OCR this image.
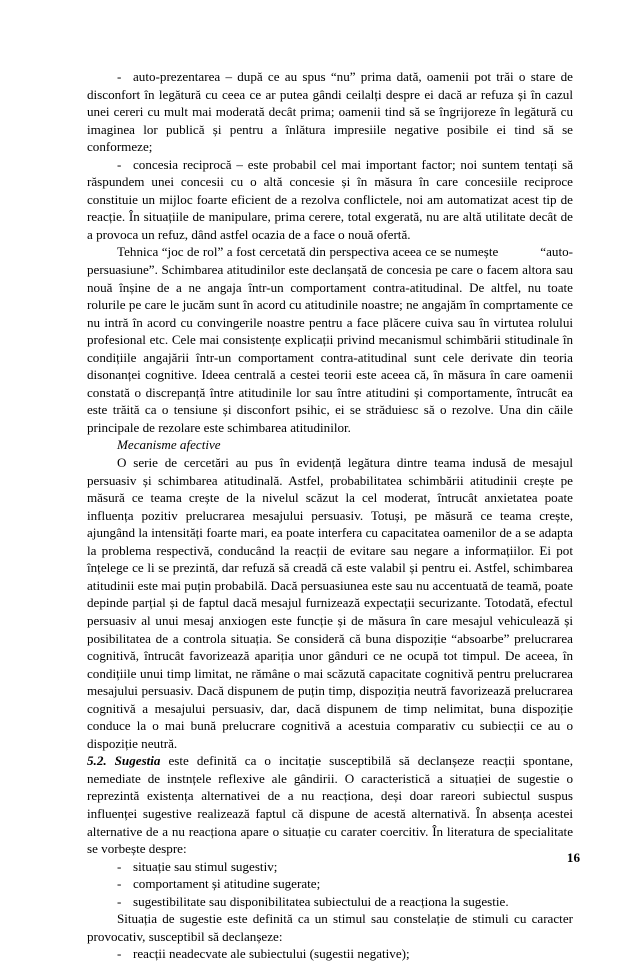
- auto-prezentarea – după ce au spus “nu” prima dată, oamenii pot trăi o stare de disconfort în legătură cu ceea ce ar putea gândi ceilalți despre ei dacă ar refuza și în cazul unei cereri cu mult mai moderată decât prima; oamenii tind să se îngrijoreze în legătură cu imaginea lor publică și pentru a înlătura impresiile negative posibile ei tind să se conformeze;

- concesia reciprocă – este probabil cel mai important factor; noi suntem tentați să răspundem unei concesii cu o altă concesie și în măsura în care concesiile reciproce constituie un mijloc foarte eficient de a rezolva conflictele, noi am automatizat acest tip de reacție. În situațiile de manipulare, prima cerere, total exgerată, nu are altă utilitate decât de a provoca un refuz, dând astfel ocazia de a face o nouă ofertă.

Tehnica “joc de rol” a fost cercetată din perspectiva aceea ce se numește	“auto-persuasiune”. Schimbarea atitudinilor este declanșată de concesia pe care o facem altora sau nouă înșine de a ne angaja într-un comportament contra-atitudinal. De altfel, nu toate rolurile pe care le jucăm sunt în acord cu atitudinile noastre; ne angajăm în comprtamente ce nu intră în acord cu convingerile noastre pentru a face plăcere cuiva sau în virtutea rolului profesional etc. Cele mai consistențe explicații privind mecanismul schimbării stitudinale în condițiile angajării într-un comportament contra-atitudinal sunt cele derivate din teoria disonanței cognitive. Ideea centrală a cestei teorii este aceea că, în măsura în care oamenii constată o discrepanță între atitudinile lor sau între atitudini și comportamente, întrucât ea este trăită ca o tensiune și disconfort psihic, ei se străduiesc să o rezolve. Una din căile principale de rezolare este schimbarea atitudinilor.

Mecanisme afective

O serie de cercetări au pus în evidență legătura dintre teama indusă de mesajul persuasiv și schimbarea atitudinală. Astfel, probabilitatea schimbării atitudinii crește pe măsură ce teama crește de la nivelul scăzut la cel moderat, întrucât anxietatea poate influența pozitiv prelucrarea mesajului persuasiv. Totuși, pe măsură ce teama crește, ajungând la intensități foarte mari, ea poate interfera cu capacitatea oamenilor de a se adapta la problema respectivă, conducând la reacții de evitare sau negare a informațiilor. Ei pot înțelege ce li se prezintă, dar refuză să creadă că este valabil și pentru ei. Astfel, schimbarea atitudinii este mai puțin probabilă. Dacă persuasiunea este sau nu accentuată de teamă, poate depinde parțial și de faptul dacă mesajul furnizează expectații securizante. Totodată, efectul persuasiv al unui mesaj anxiogen este funcție și de măsura în care mesajul vehiculează și posibilitatea de a controla situația. Se consideră că buna dispoziție “absoarbe” prelucrarea cognitivă, întrucât favorizează apariția unor gânduri ce ne ocupă tot timpul. De aceea, în condițiile unui timp limitat, ne rămâne o mai scăzută capacitate cognitivă pentru prelucrarea mesajului persuasiv. Dacă dispunem de puțin timp, dispoziția neutră favorizează prelucrarea cognitivă a mesajului persuasiv, dar, dacă dispunem de timp nelimitat, buna dispoziție conduce la o mai bună prelucrare cognitivă a acestuia comparativ cu subiecții ce au o dispoziție neutră.

5.2. Sugestia este definită ca o incitație susceptibilă să declanșeze reacții spontane, nemediate de instnțele reflexive ale gândirii. O caracteristică a situației de sugestie o reprezintă existența alternativei de a nu reacționa, deși doar rareori subiectul suspus influenței sugestive realizează faptul că dispune de acestă alternativă. În absența acestei alternative de a nu reacționa apare o situație cu carater coercitiv. În literatura de specialitate se vorbește despre:

- situație sau stimul sugestiv;

- comportament și atitudine sugerate;

- sugestibilitate sau disponibilitatea subiectului de a reacționa la sugestie.

Situația de sugestie este definită ca un stimul sau constelație de stimuli cu caracter provocativ, susceptibil să declanșeze:

- reacții neadecvate ale subiectului (sugestii negative);

16
